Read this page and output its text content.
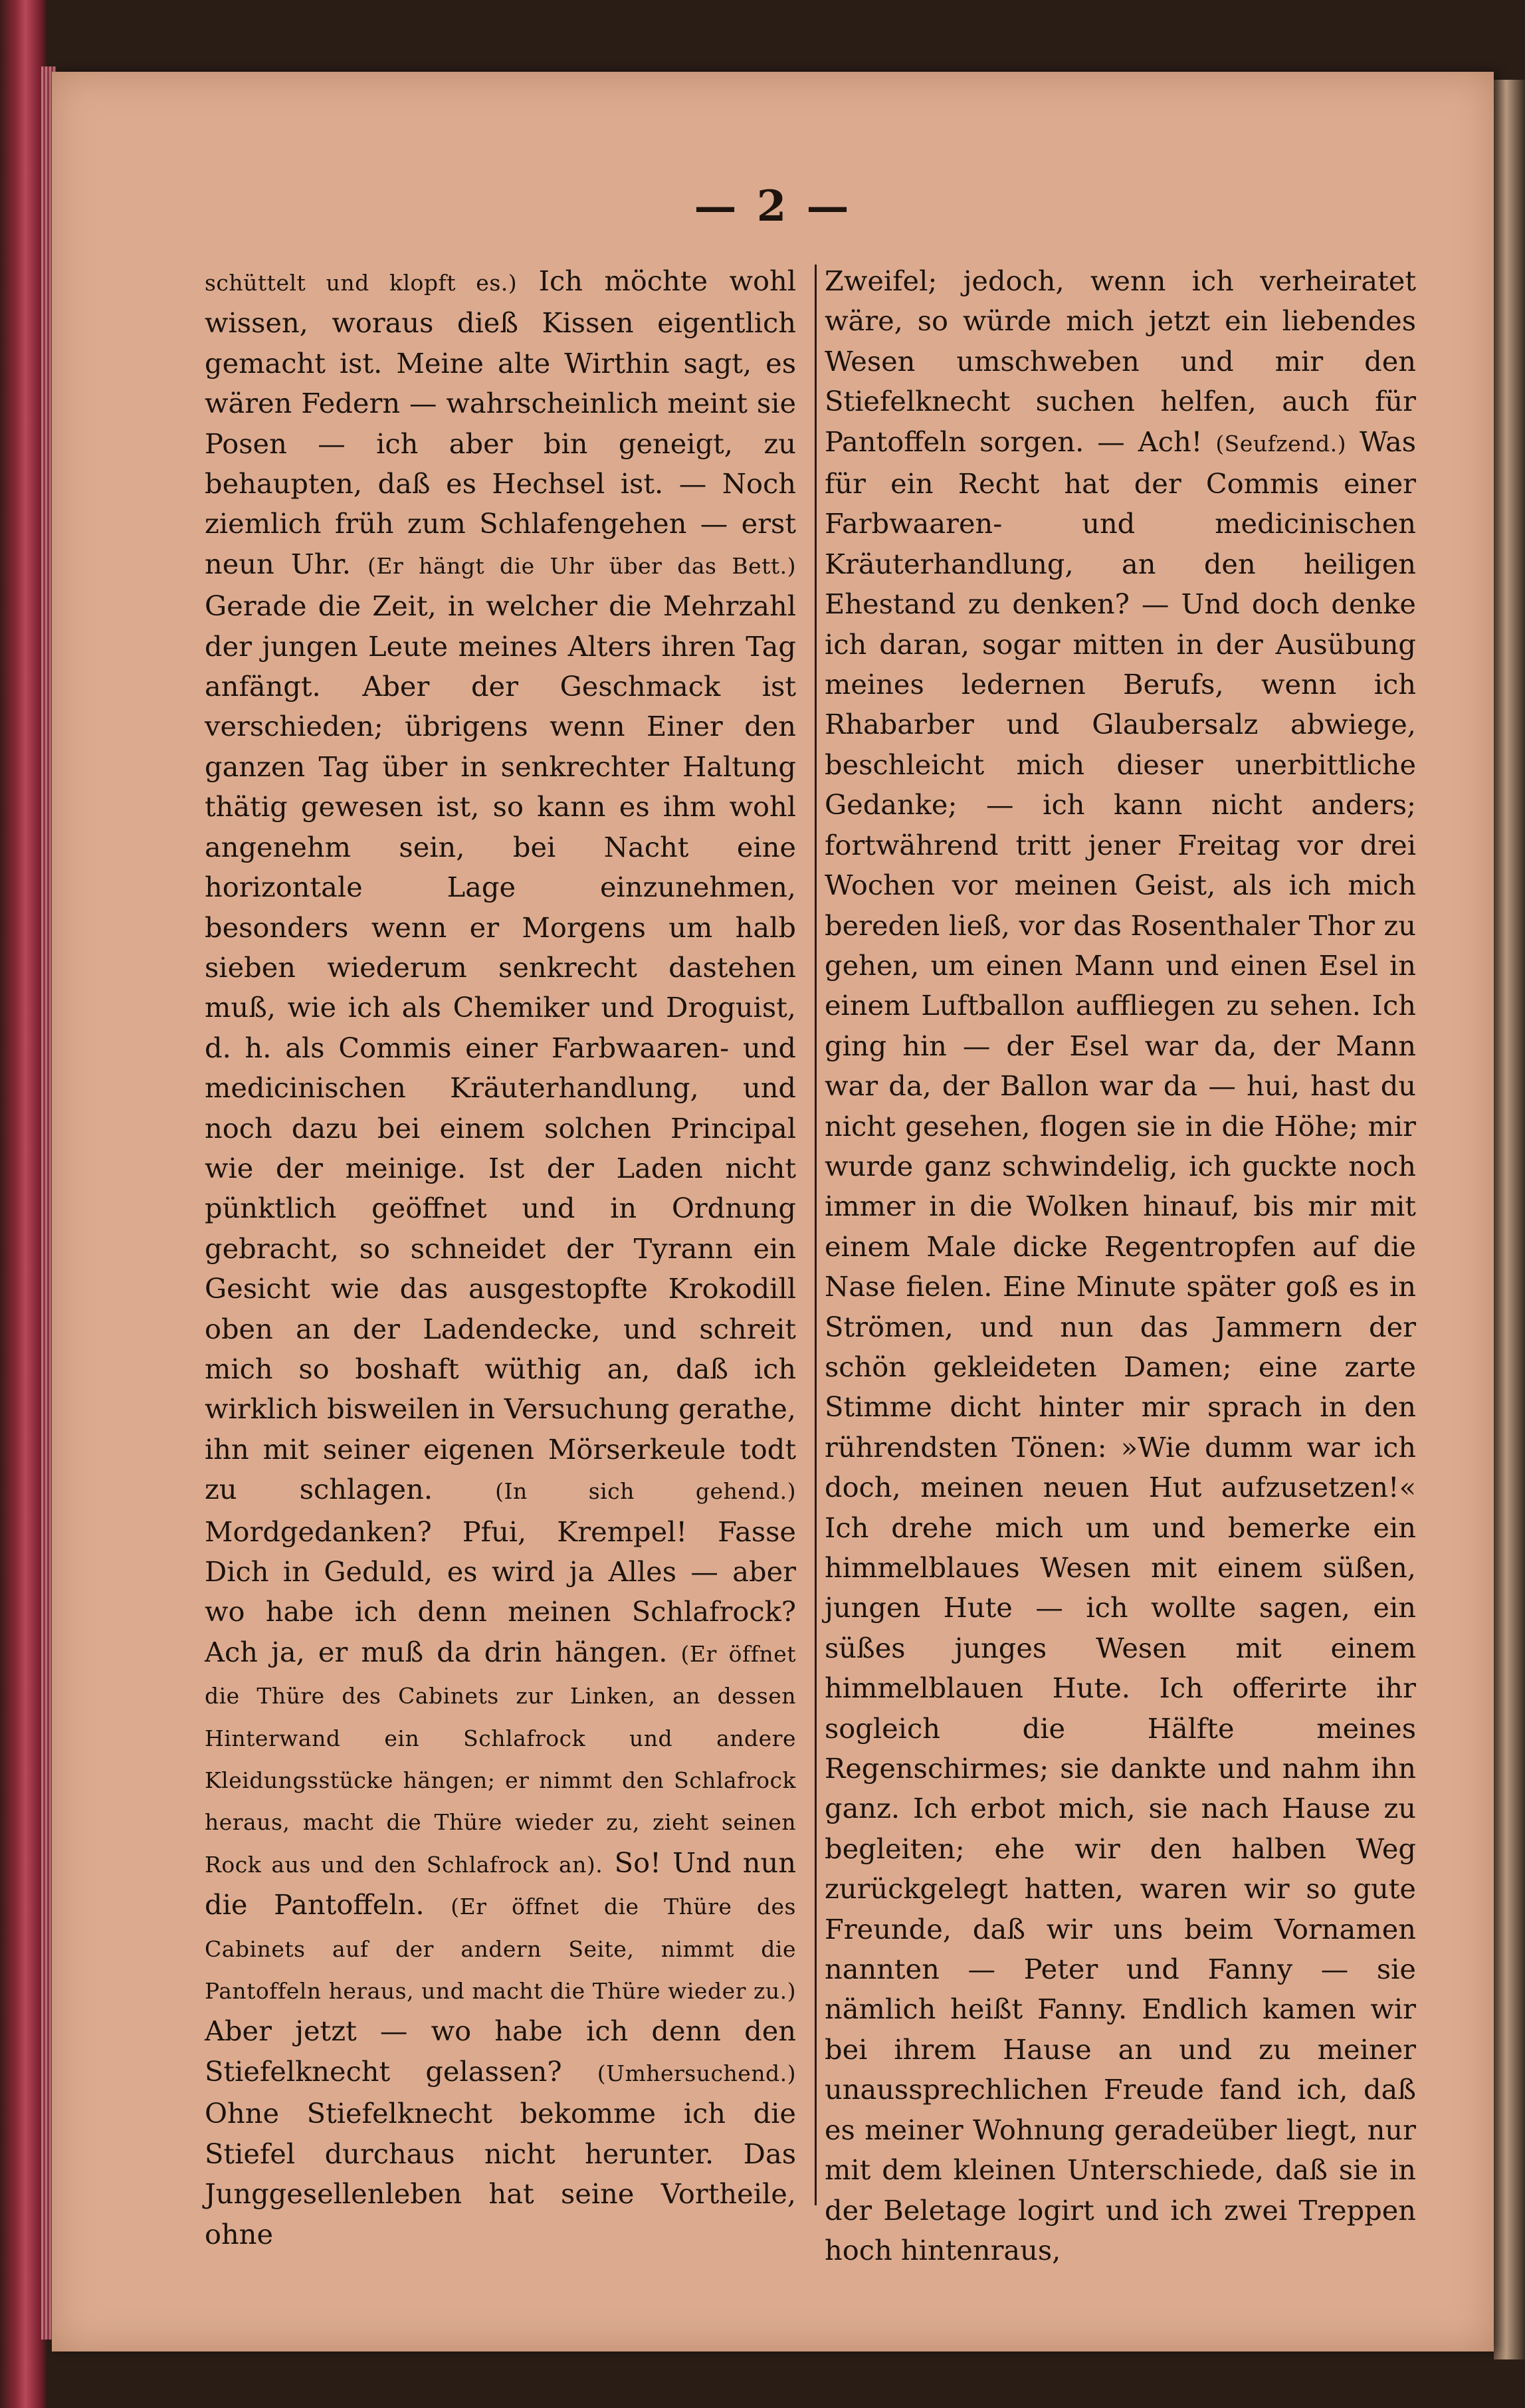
— 2 —

schüttelt und klopft es.) Ich möchte wohl wissen, woraus dieß Kissen eigentlich gemacht ist. Meine alte Wirthin sagt, es wären Federn — wahrscheinlich meint sie Posen — ich aber bin geneigt, zu behaupten, daß es Hechsel ist. — Noch ziemlich früh zum Schlafengehen — erst neun Uhr. (Er hängt die Uhr über das Bett.) Gerade die Zeit, in welcher die Mehrzahl der jungen Leute meines Alters ihren Tag anfängt. Aber der Geschmack ist verschieden; übrigens wenn Einer den ganzen Tag über in senkrechter Haltung thätig gewesen ist, so kann es ihm wohl angenehm sein, bei Nacht eine horizontale Lage einzunehmen, besonders wenn er Morgens um halb sieben wiederum senkrecht dastehen muß, wie ich als Chemiker und Droguist, d. h. als Commis einer Farbwaaren- und medicinischen Kräuterhandlung, und noch dazu bei einem solchen Principal wie der meinige. Ist der Laden nicht pünktlich geöffnet und in Ordnung gebracht, so schneidet der Tyrann ein Gesicht wie das ausgestopfte Krokodill oben an der Ladendecke, und schreit mich so boshaft wüthig an, daß ich wirklich bisweilen in Versuchung gerathe, ihn mit seiner eigenen Mörserkeule todt zu schlagen. (In sich gehend.) Mordgedanken? Pfui, Krempel! Fasse Dich in Geduld, es wird ja Alles — aber wo habe ich denn meinen Schlafrock? Ach ja, er muß da drin hängen. (Er öffnet die Thüre des Cabinets zur Linken, an dessen Hinterwand ein Schlafrock und andere Kleidungsstücke hängen; er nimmt den Schlafrock heraus, macht die Thüre wieder zu, zieht seinen Rock aus und den Schlafrock an). So! Und nun die Pantoffeln. (Er öffnet die Thüre des Cabinets auf der andern Seite, nimmt die Pantoffeln heraus, und macht die Thüre wieder zu.) Aber jetzt — wo habe ich denn den Stiefelknecht gelassen? (Umhersuchend.) Ohne Stiefelknecht bekomme ich die Stiefel durchaus nicht herunter. Das Junggesellenleben hat seine Vortheile, ohne

Zweifel; jedoch, wenn ich verheiratet wäre, so würde mich jetzt ein liebendes Wesen umschweben und mir den Stiefelknecht suchen helfen, auch für Pantoffeln sorgen. — Ach! (Seufzend.) Was für ein Recht hat der Commis einer Farbwaaren- und medicinischen Kräuterhandlung, an den heiligen Ehestand zu denken? — Und doch denke ich daran, sogar mitten in der Ausübung meines ledernen Berufs, wenn ich Rhabarber und Glaubersalz abwiege, beschleicht mich dieser unerbittliche Gedanke; — ich kann nicht anders; fortwährend tritt jener Freitag vor drei Wochen vor meinen Geist, als ich mich bereden ließ, vor das Rosenthaler Thor zu gehen, um einen Mann und einen Esel in einem Luftballon auffliegen zu sehen. Ich ging hin — der Esel war da, der Mann war da, der Ballon war da — hui, hast du nicht gesehen, flogen sie in die Höhe; mir wurde ganz schwindelig, ich guckte noch immer in die Wolken hinauf, bis mir mit einem Male dicke Regentropfen auf die Nase fielen. Eine Minute später goß es in Strömen, und nun das Jammern der schön gekleideten Damen; eine zarte Stimme dicht hinter mir sprach in den rührendsten Tönen: »Wie dumm war ich doch, meinen neuen Hut aufzusetzen!« Ich drehe mich um und bemerke ein himmelblaues Wesen mit einem süßen, jungen Hute — ich wollte sagen, ein süßes junges Wesen mit einem himmelblauen Hute. Ich offerirte ihr sogleich die Hälfte meines Regenschirmes; sie dankte und nahm ihn ganz. Ich erbot mich, sie nach Hause zu begleiten; ehe wir den halben Weg zurückgelegt hatten, waren wir so gute Freunde, daß wir uns beim Vornamen nannten — Peter und Fanny — sie nämlich heißt Fanny. Endlich kamen wir bei ihrem Hause an und zu meiner unaussprechlichen Freude fand ich, daß es meiner Wohnung geradeüber liegt, nur mit dem kleinen Unterschiede, daß sie in der Beletage logirt und ich zwei Treppen hoch hintenraus,
